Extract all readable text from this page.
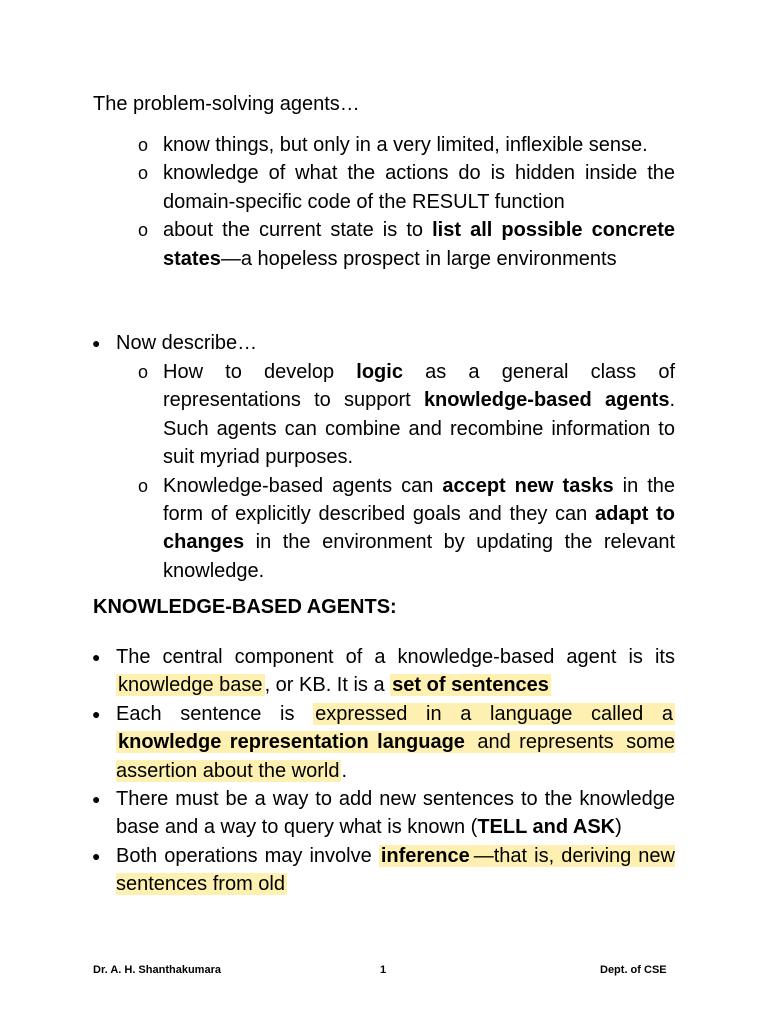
The problem-solving agents…
o know things, but only in a very limited, inflexible sense.
o knowledge of what the actions do is hidden inside the domain-specific code of the RESULT function
o about the current state is to list all possible concrete states—a hopeless prospect in large environments
● Now describe…
o How to develop logic as a general class of representations to support knowledge-based agents. Such agents can combine and recombine information to suit myriad purposes.
o Knowledge-based agents can accept new tasks in the form of explicitly described goals and they can adapt to changes in the environment by updating the relevant knowledge.
KNOWLEDGE-BASED AGENTS:
● The central component of a knowledge-based agent is its knowledge base , or KB. It is a set of sentences
● Each sentence is expressed in a language called a knowledge representation language and represents some assertion about the world .
● There must be a way to add new sentences to the knowledge base and a way to query what is known (TELL and ASK)
● Both operations may involve inference —that is, deriving new sentences from old
Dr. A. H. Shanthakumara	1	Dept. of CSE
